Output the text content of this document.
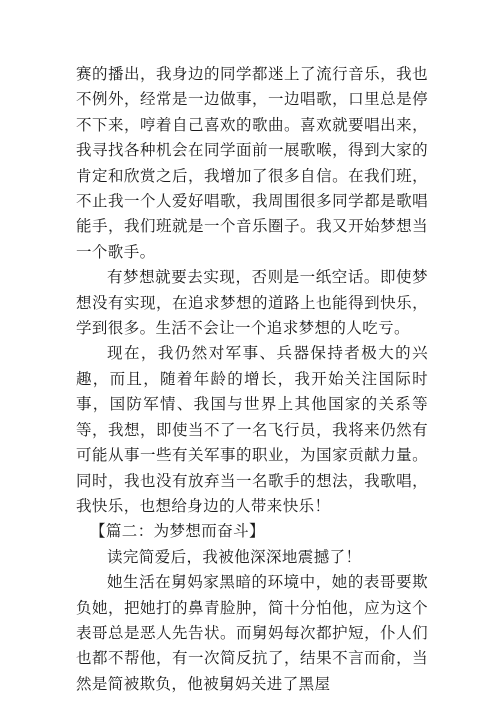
赛的播出，我身边的同学都迷上了流行音乐，我也不例外，经常是一边做事，一边唱歌，口里总是停不下来，哼着自己喜欢的歌曲。喜欢就要唱出来，我寻找各种机会在同学面前一展歌喉，得到大家的肯定和欣赏之后，我增加了很多自信。在我们班，不止我一个人爱好唱歌，我周围很多同学都是歌唱能手，我们班就是一个音乐圈子。我又开始梦想当一个歌手。

有梦想就要去实现，否则是一纸空话。即使梦想没有实现，在追求梦想的道路上也能得到快乐，学到很多。生活不会让一个追求梦想的人吃亏。

现在，我仍然对军事、兵器保持者极大的兴趣，而且，随着年龄的增长，我开始关注国际时事，国防军情、我国与世界上其他国家的关系等等，我想，即使当不了一名飞行员，我将来仍然有可能从事一些有关军事的职业，为国家贡献力量。同时，我也没有放弃当一名歌手的想法，我歌唱，我快乐，也想给身边的人带来快乐！

【篇二：为梦想而奋斗】

读完简爱后，我被他深深地震撼了！

她生活在舅妈家黑暗的环境中，她的表哥要欺负她，把她打的鼻青脸肿，简十分怕他，应为这个表哥总是恶人先告状。而舅妈每次都护短，仆人们也都不帮他，有一次简反抗了，结果不言而俞，当然是简被欺负，他被舅妈关进了黑屋
